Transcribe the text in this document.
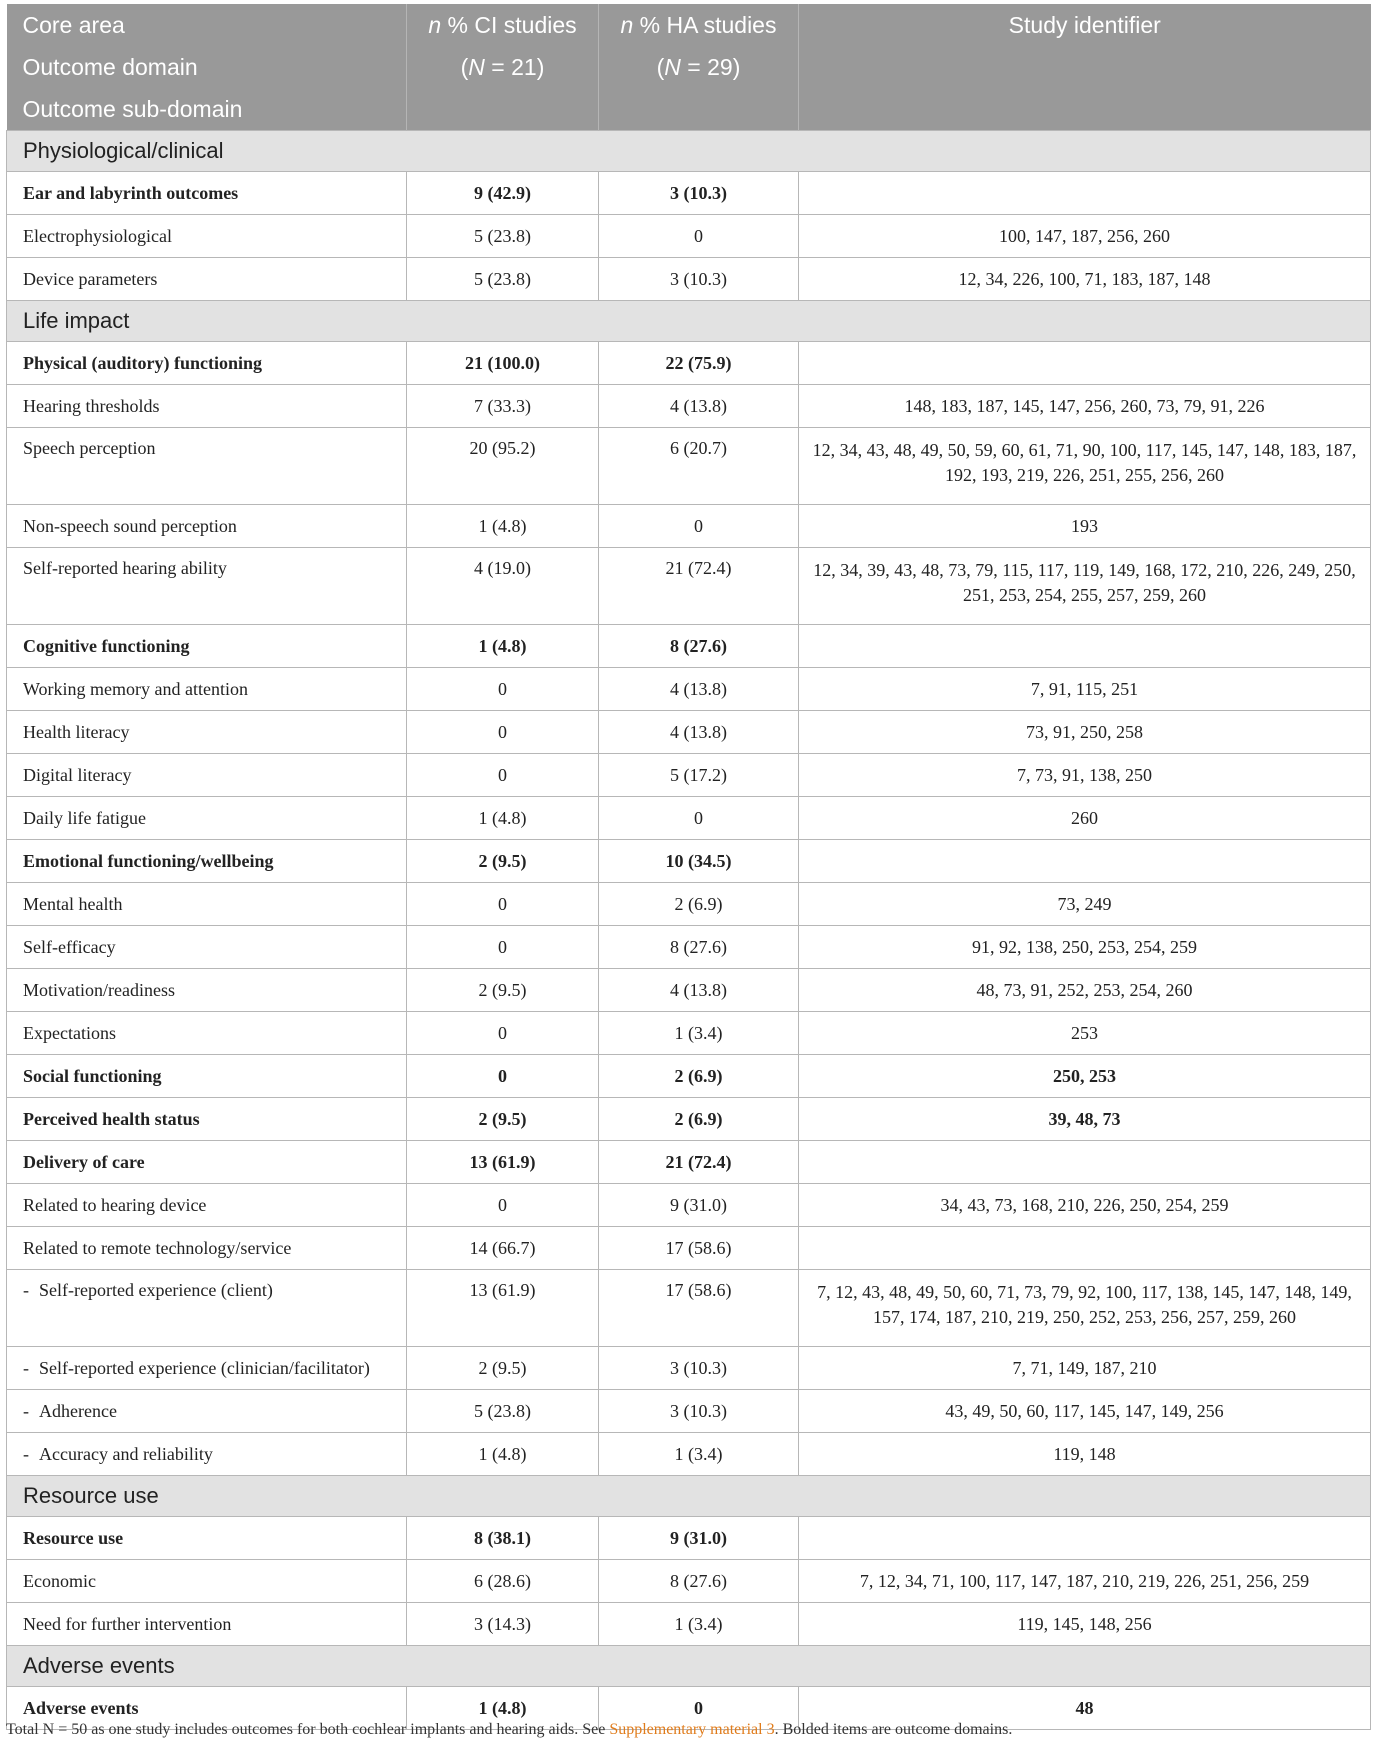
Core area	n % CI studies	n % HA studies	Study identifier
Outcome domain	(N = 21)	(N = 29)	
Outcome sub-domain			
Physiological/clinical			
Ear and labyrinth outcomes	9 (42.9)	3 (10.3)	
Electrophysiological	5 (23.8)	0	100, 147, 187, 256, 260
Device parameters	5 (23.8)	3 (10.3)	12, 34, 226, 100, 71, 183, 187, 148
Life impact			
Physical (auditory) functioning	21 (100.0)	22 (75.9)	
Hearing thresholds	7 (33.3)	4 (13.8)	148, 183, 187, 145, 147, 256, 260, 73, 79, 91, 226
Speech perception	20 (95.2)	6 (20.7)	12, 34, 43, 48, 49, 50, 59, 60, 61, 71, 90, 100, 117, 145, 147, 148, 183, 187, 192, 193, 219, 226, 251, 255, 256, 260
Non-speech sound perception	1 (4.8)	0	193
Self-reported hearing ability	4 (19.0)	21 (72.4)	12, 34, 39, 43, 48, 73, 79, 115, 117, 119, 149, 168, 172, 210, 226, 249, 250, 251, 253, 254, 255, 257, 259, 260
Cognitive functioning	1 (4.8)	8 (27.6)	
Working memory and attention	0	4 (13.8)	7, 91, 115, 251
Health literacy	0	4 (13.8)	73, 91, 250, 258
Digital literacy	0	5 (17.2)	7, 73, 91, 138, 250
Daily life fatigue	1 (4.8)	0	260
Emotional functioning/wellbeing	2 (9.5)	10 (34.5)	
Mental health	0	2 (6.9)	73, 249
Self-efficacy	0	8 (27.6)	91, 92, 138, 250, 253, 254, 259
Motivation/readiness	2 (9.5)	4 (13.8)	48, 73, 91, 252, 253, 254, 260
Expectations	0	1 (3.4)	253
Social functioning	0	2 (6.9)	250, 253
Perceived health status	2 (9.5)	2 (6.9)	39, 48, 73
Delivery of care	13 (61.9)	21 (72.4)	
Related to hearing device	0	9 (31.0)	34, 43, 73, 168, 210, 226, 250, 254, 259
Related to remote technology/service	14 (66.7)	17 (58.6)	
- Self-reported experience (client)	13 (61.9)	17 (58.6)	7, 12, 43, 48, 49, 50, 60, 71, 73, 79, 92, 100, 117, 138, 145, 147, 148, 149, 157, 174, 187, 210, 219, 250, 252, 253, 256, 257, 259, 260
- Self-reported experience (clinician/facilitator)	2 (9.5)	3 (10.3)	7, 71, 149, 187, 210
- Adherence	5 (23.8)	3 (10.3)	43, 49, 50, 60, 117, 145, 147, 149, 256
- Accuracy and reliability	1 (4.8)	1 (3.4)	119, 148
Resource use			
Resource use	8 (38.1)	9 (31.0)	
Economic	6 (28.6)	8 (27.6)	7, 12, 34, 71, 100, 117, 147, 187, 210, 219, 226, 251, 256, 259
Need for further intervention	3 (14.3)	1 (3.4)	119, 145, 148, 256
Adverse events			
Adverse events	1 (4.8)	0	48
Total N = 50 as one study includes outcomes for both cochlear implants and hearing aids. See Supplementary material 3. Bolded items are outcome domains.
